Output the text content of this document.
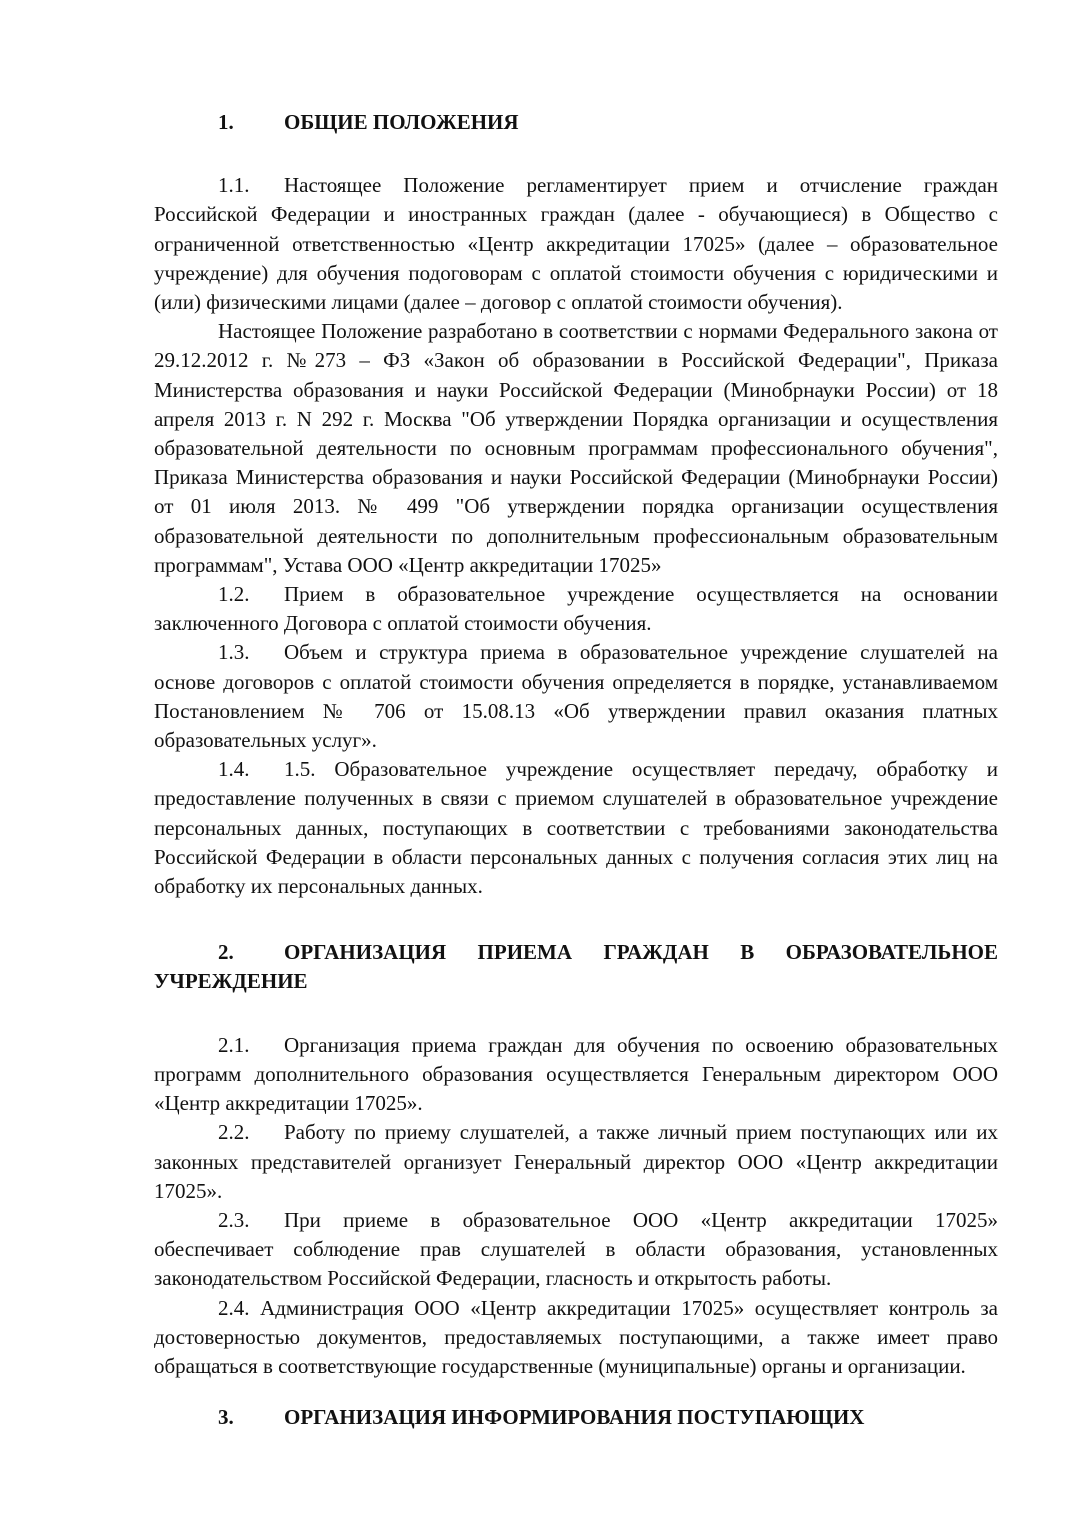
1. ОБЩИЕ ПОЛОЖЕНИЯ

1.1. Настоящее Положение регламентирует прием и отчисление граждан Российской Федерации и иностранных граждан (далее - обучающиеся) в Общество с ограниченной ответственностью «Центр аккредитации 17025» (далее – образовательное учреждение) для обучения подоговорам с оплатой стоимости обучения с юридическими и (или) физическими лицами (далее – договор с оплатой стоимости обучения).

Настоящее Положение разработано в соответствии с нормами Федерального закона от 29.12.2012 г. №273 – ФЗ «Закон об образовании в Российской Федерации", Приказа Министерства образования и науки Российской Федерации (Минобрнауки России) от 18 апреля 2013 г. N 292 г. Москва "Об утверждении Порядка организации и осуществления образовательной деятельности по основным программам профессионального обучения", Приказа Министерства образования и науки Российской Федерации (Минобрнауки России) от 01 июля 2013. № 499 "Об утверждении порядка организации осуществления образовательной деятельности по дополнительным профессиональным образовательным программам", Устава ООО «Центр аккредитации 17025»

1.2. Прием в образовательное учреждение осуществляется на основании заключенного Договора с оплатой стоимости обучения.

1.3. Объем и структура приема в образовательное учреждение слушателей на основе договоров с оплатой стоимости обучения определяется в порядке, устанавливаемом Постановлением № 706 от 15.08.13 «Об утверждении правил оказания платных образовательных услуг».

1.4. 1.5. Образовательное учреждение осуществляет передачу, обработку и предоставление полученных в связи с приемом слушателей в образовательное учреждение персональных данных, поступающих в соответствии с требованиями законодательства Российской Федерации в области персональных данных с получения согласия этих лиц на обработку их персональных данных.

2. ОРГАНИЗАЦИЯ ПРИЕМА ГРАЖДАН В ОБРАЗОВАТЕЛЬНОЕ УЧРЕЖДЕНИЕ

2.1. Организация приема граждан для обучения по освоению образовательных программ дополнительного образования осуществляется Генеральным директором ООО «Центр аккредитации 17025».

2.2. Работу по приему слушателей, а также личный прием поступающих или их законных представителей организует Генеральный директор ООО «Центр аккредитации 17025».

2.3. При приеме в образовательное ООО «Центр аккредитации 17025» обеспечивает соблюдение прав слушателей в области образования, установленных законодательством Российской Федерации, гласность и открытость работы.

2.4. Администрация ООО «Центр аккредитации 17025» осуществляет контроль за достоверностью документов, предоставляемых поступающими, а также имеет право обращаться в соответствующие государственные (муниципальные) органы и организации.

3. ОРГАНИЗАЦИЯ ИНФОРМИРОВАНИЯ ПОСТУПАЮЩИХ
